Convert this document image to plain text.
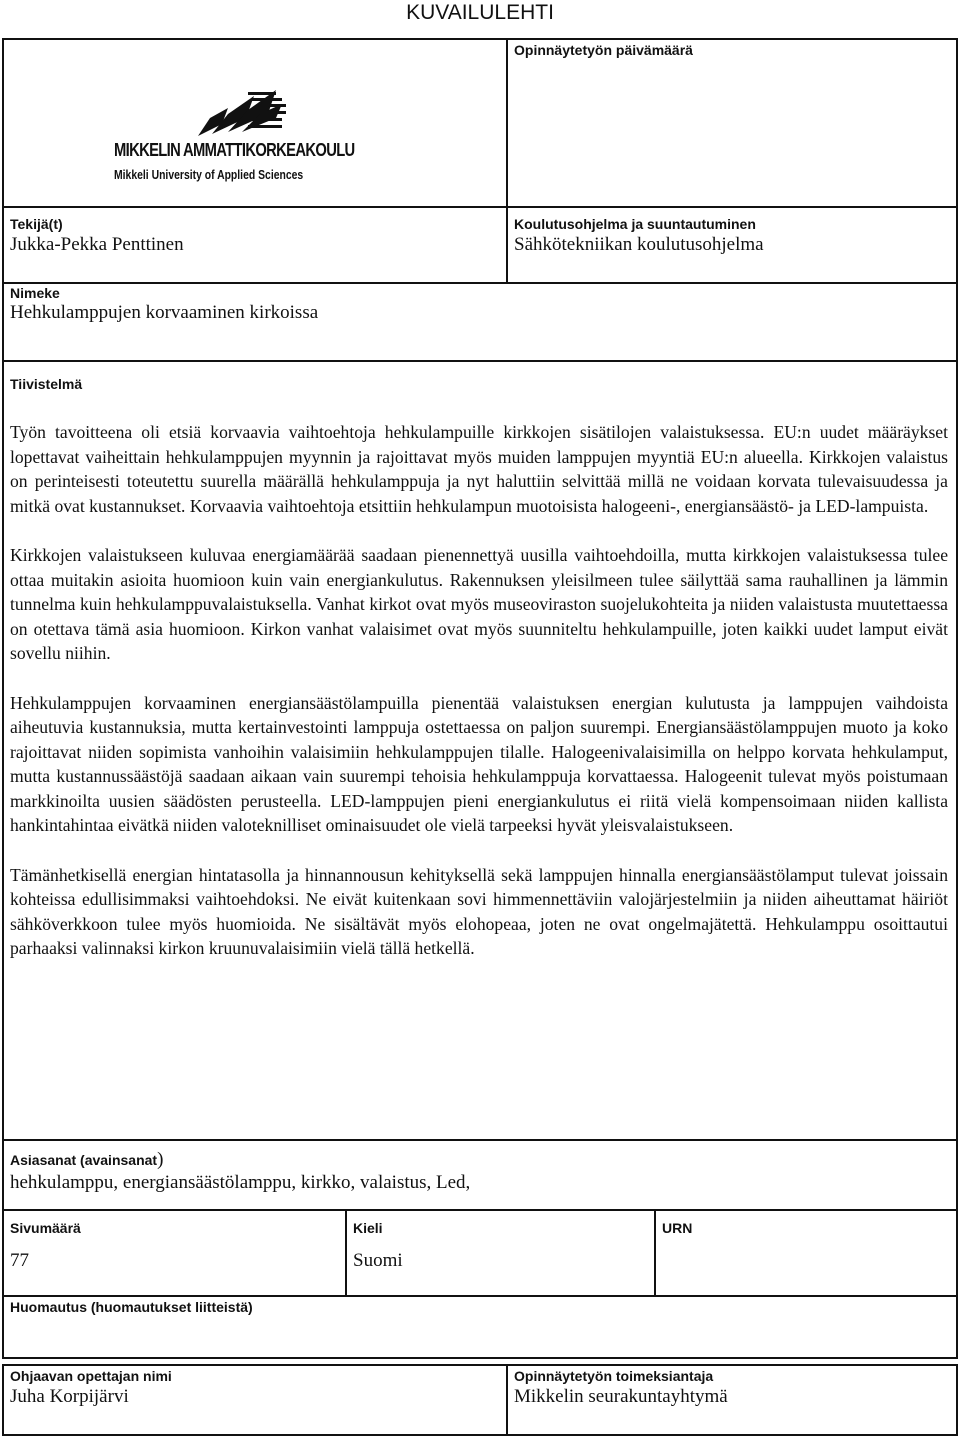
KUVAILULEHTI
MIKKELIN AMMATTIKORKEAKOULU
Mikkeli University of Applied Sciences
Opinnäytetyön päivämäärä
Tekijä(t)
Jukka-Pekka Penttinen
Koulutusohjelma ja suuntautuminen
Sähkötekniikan koulutusohjelma
Nimeke
Hehkulamppujen korvaaminen kirkoissa
Tiivistelmä

Työn tavoitteena oli etsiä korvaavia vaihtoehtoja hehkulampuille kirkkojen sisätilojen valaistuksessa. EU:n uudet määräykset lopettavat vaiheittain hehkulamppujen myynnin ja rajoittavat myös muiden lamppujen myyntiä EU:n alueella. Kirkkojen valaistus on perinteisesti toteutettu suurella määrällä hehkulamppuja ja nyt haluttiin selvittää millä ne voidaan korvata tulevaisuudessa ja mitkä ovat kustannukset. Korvaavia vaihtoehtoja etsittiin hehkulampun muotoisista halogeeni-, energiansäästö- ja LED-lampuista.

Kirkkojen valaistukseen kuluvaa energiamäärää saadaan pienennettyä uusilla vaihtoehdoilla, mutta kirkkojen valaistuksessa tulee ottaa muitakin asioita huomioon kuin vain energiankulutus. Rakennuksen yleisilmeen tulee säilyttää sama rauhallinen ja lämmin tunnelma kuin hehkulamppuvalaistuksella. Vanhat kirkot ovat myös museoviraston suojelukohteita ja niiden valaistusta muutettaessa on otettava tämä asia huomioon. Kirkon vanhat valaisimet ovat myös suunniteltu hehkulampuille, joten kaikki uudet lamput eivät sovellu niihin.

Hehkulamppujen korvaaminen energiansäästölampuilla pienentää valaistuksen energian kulutusta ja lamppujen vaihdoista aiheutuvia kustannuksia, mutta kertainvestointi lamppuja ostettaessa on paljon suurempi. Energiansäästölamppujen muoto ja koko rajoittavat niiden sopimista vanhoihin valaisimiin hehkulamppujen tilalle. Halogeenivalaisimilla on helppo korvata hehkulamput, mutta kustannussäästöjä saadaan aikaan vain suurempi tehoisia hehkulamppuja korvattaessa. Halogeenit tulevat myös poistumaan markkinoilta uusien säädösten perusteella. LED-lamppujen pieni energiankulutus ei riitä vielä kompensoimaan niiden kallista hankintahintaa eivätkä niiden valoteknilliset ominaisuudet ole vielä tarpeeksi hyvät yleisvalaistukseen.

Tämänhetkisellä energian hintatasolla ja hinnannousun kehityksellä sekä lamppujen hinnalla energiansäästölamput tulevat joissain kohteissa edullisimmaksi vaihtoehdoksi. Ne eivät kuitenkaan sovi himmennettäviin valojärjestelmiin ja niiden aiheuttamat häiriöt sähköverkkoon tulee myös huomioida. Ne sisältävät myös elohopeaa, joten ne ovat ongelmajätettä. Hehkulamppu osoittautui parhaaksi valinnaksi kirkon kruunuvalaisimiin vielä tällä hetkellä.

Asiasanat (avainsanat)
hehkulamppu, energiansäästölamppu, kirkko, valaistus, Led,
Sivumäärä
77
Kieli
Suomi
URN
Huomautus (huomautukset liitteistä)
Ohjaavan opettajan nimi
Juha Korpijärvi
Opinnäytetyön toimeksiantaja
Mikkelin seurakuntayhtymä
